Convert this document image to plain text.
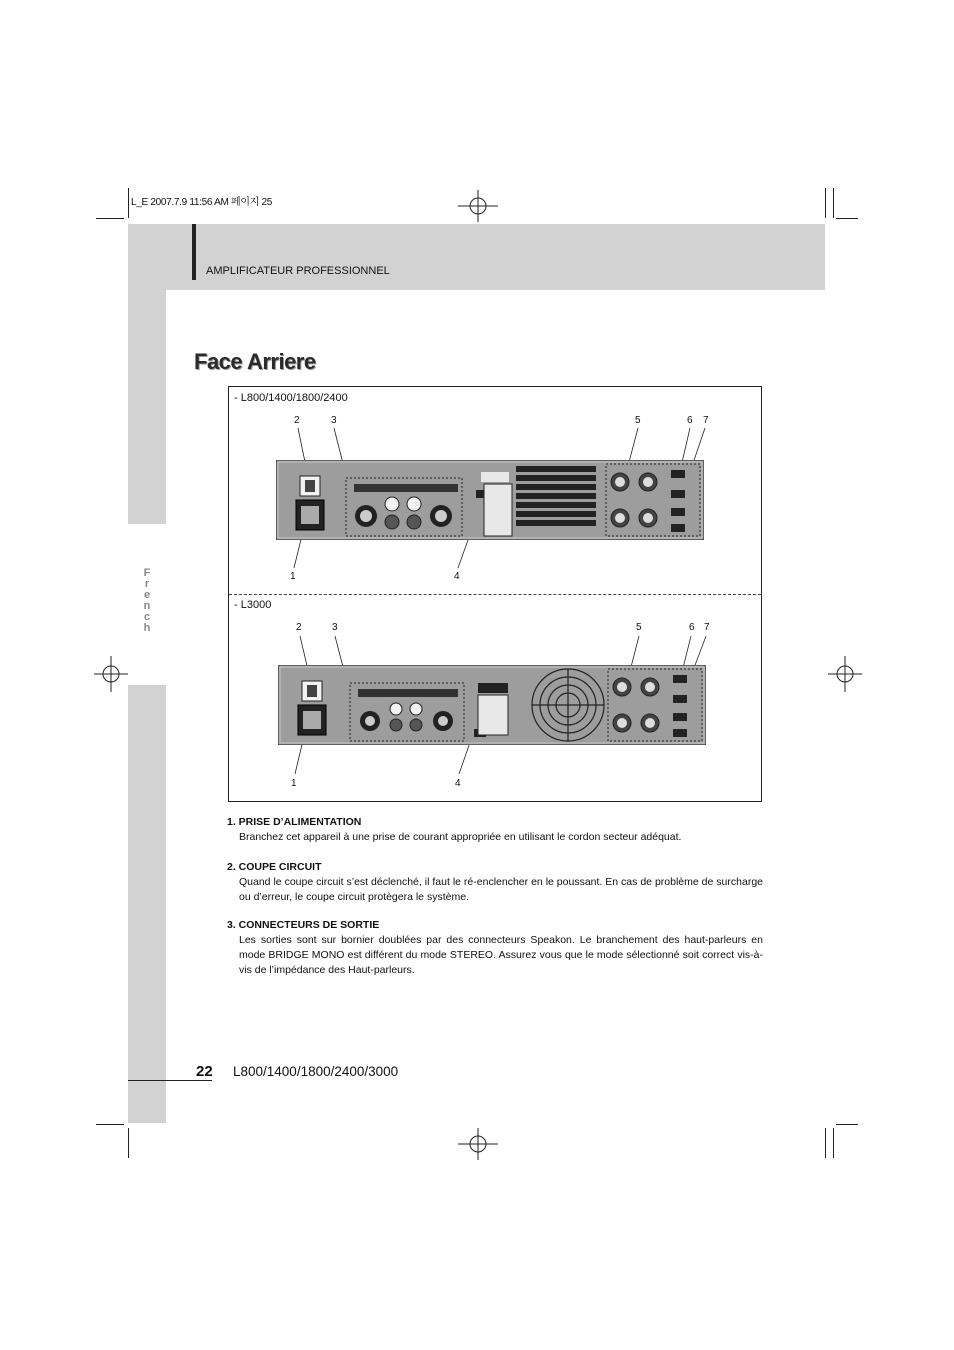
L_E 2007.7.9 11:56 AM 페이지 25
AMPLIFICATEUR PROFESSIONNEL
F
r
e
n
c
h
Face Arriere
- L800/1400/1800/2400
- L3000
2	3	5	6 7
1	4
2	3	5	6 7
1	4
1. PRISE D’ALIMENTATION
Branchez cet appareil à une prise de courant appropriée en utilisant le cordon secteur adéquat.
2. COUPE CIRCUIT
Quand le coupe circuit s’est déclenché, il faut le ré-enclencher en le poussant. En cas de problème de surcharge ou d’erreur, le coupe circuit protègera le système.
3. CONNECTEURS DE SORTIE
Les sorties sont sur bornier doublées par des connecteurs Speakon. Le branchement des haut-parleurs en mode BRIDGE MONO est différent du mode STEREO. Assurez vous que le mode sélectionné soit correct vis-à-vis de l’impédance des Haut-parleurs.
22 L800/1400/1800/2400/3000
